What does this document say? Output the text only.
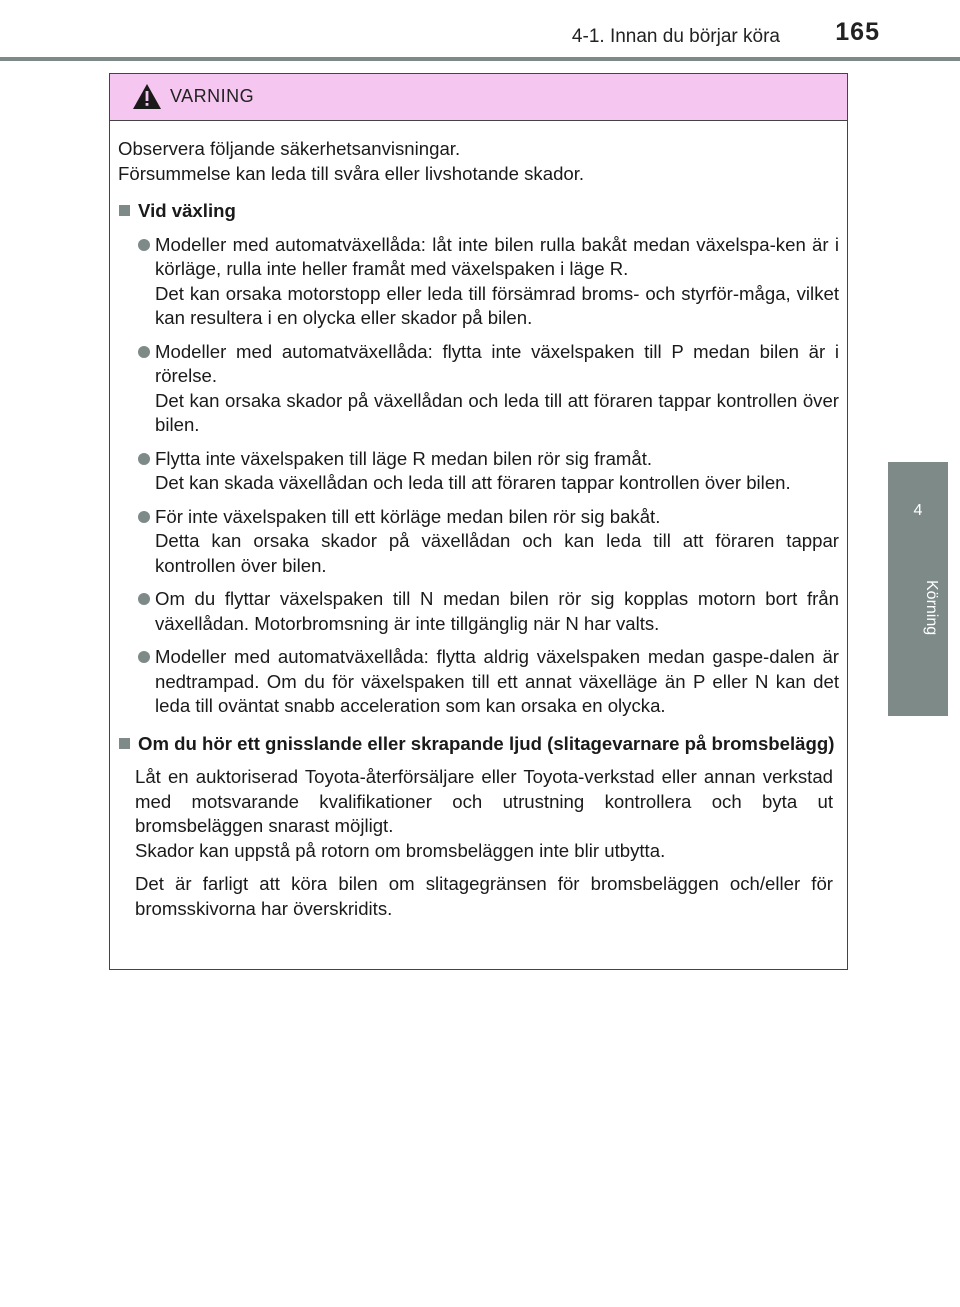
4-1. Innan du börjar köra 165
4
Körning
VARNING

Observera följande säkerhetsanvisningar.

Försummelse kan leda till svåra eller livshotande skador.

Vid växling

Modeller med automatväxellåda: låt inte bilen rulla bakåt medan växelspa-ken är i körläge, rulla inte heller framåt med växelspaken i läge R.

Det kan orsaka motorstopp eller leda till försämrad broms- och styrför-måga, vilket kan resultera i en olycka eller skador på bilen.

Modeller med automatväxellåda: flytta inte växelspaken till P medan bilen är i rörelse.

Det kan orsaka skador på växellådan och leda till att föraren tappar kontrollen över bilen.

Flytta inte växelspaken till läge R medan bilen rör sig framåt.

Det kan skada växellådan och leda till att föraren tappar kontrollen över bilen.

För inte växelspaken till ett körläge medan bilen rör sig bakåt.

Detta kan orsaka skador på växellådan och kan leda till att föraren tappar kontrollen över bilen.

Om du flyttar växelspaken till N medan bilen rör sig kopplas motorn bort från växellådan. Motorbromsning är inte tillgänglig när N har valts.

Modeller med automatväxellåda: flytta aldrig växelspaken medan gaspe-dalen är nedtrampad. Om du för växelspaken till ett annat växelläge än P eller N kan det leda till oväntat snabb acceleration som kan orsaka en olycka.

Om du hör ett gnisslande eller skrapande ljud (slitagevarnare på bromsbelägg)

Låt en auktoriserad Toyota-återförsäljare eller Toyota-verkstad eller annan verkstad med motsvarande kvalifikationer och utrustning kontrollera och byta ut bromsbeläggen snarast möjligt.

Skador kan uppstå på rotorn om bromsbeläggen inte blir utbytta.

Det är farligt att köra bilen om slitagegränsen för bromsbeläggen och/eller för bromsskivorna har överskridits.
